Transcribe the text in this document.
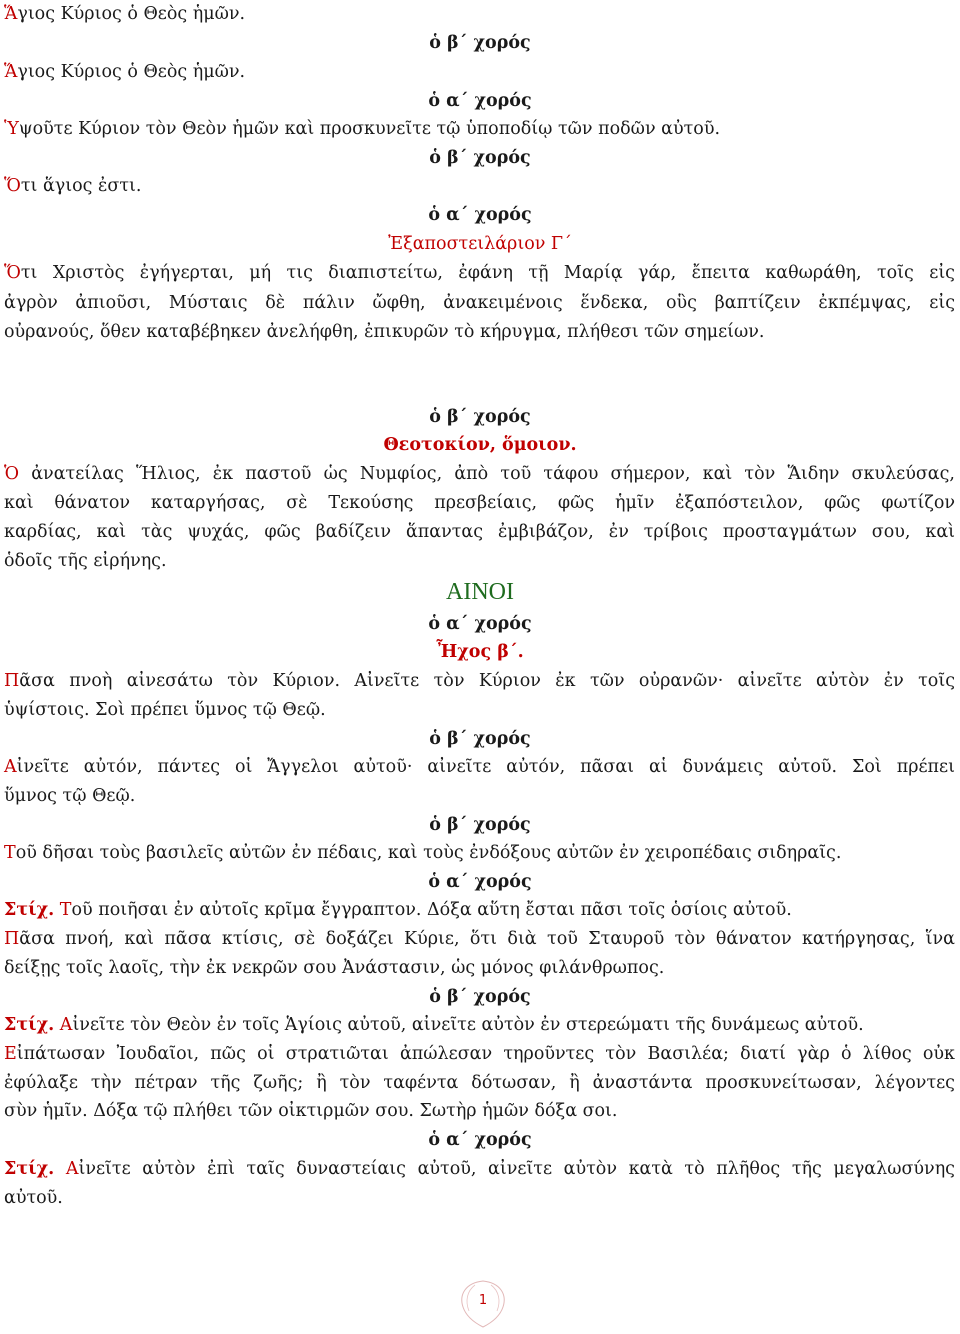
Ἅγιος Κύριος ὁ Θεὸς ἡμῶν.
ὁ β΄ χορός
Ἅγιος Κύριος ὁ Θεὸς ἡμῶν.
ὁ α΄ χορός
Ὑψοῦτε Κύριον τὸν Θεὸν ἡμῶν καὶ προσκυνεῖτε τῷ ὑποποδίῳ τῶν ποδῶν αὐτοῦ.
ὁ β΄ χορός
Ὅτι ἅγιος ἐστι.
ὁ α΄ χορός
Ἐξαποστειλάριον Γ΄
Ὅτι Χριστὸς ἐγήγερται, μή τις διαπιστείτω, ἐφάνη τῇ Μαρίᾳ γάρ, ἔπειτα καθωράθη, τοῖς εἰς
ἀγρὸν ἀπιοῦσι, Μύσταις δὲ πάλιν ὤφθη, ἀνακειμένοις ἕνδεκα, οὓς βαπτίζειν ἐκπέμψας, εἰς
οὐρανούς, ὅθεν καταβέβηκεν ἀνελήφθη, ἐπικυρῶν τὸ κήρυγμα, πλήθεσι τῶν σημείων.
ὁ β΄ χορός
Θεοτοκίον, ὅμοιον.
Ὁ ἀνατείλας Ἥλιος, ἐκ παστοῦ ὡς Νυμφίος, ἀπὸ τοῦ τάφου σήμερον, καὶ τὸν Ἅιδην σκυλεύσας,
καὶ θάνατον καταργήσας, σὲ Τεκούσης πρεσβείαις, φῶς ἡμῖν ἐξαπόστειλον, φῶς φωτίζον
καρδίας, καὶ τὰς ψυχάς, φῶς βαδίζειν ἅπαντας ἐμβιβάζον, ἐν τρίβοις προσταγμάτων σου, καὶ
ὁδοῖς τῆς εἰρήνης.
ΑΙΝΟΙ
ὁ α΄ χορός
Ἦχος β΄.
Πᾶσα πνοὴ αἰνεσάτω τὸν Κύριον. Αἰνεῖτε τὸν Κύριον ἐκ τῶν οὐρανῶν· αἰνεῖτε αὐτὸν ἐν τοῖς
ὑψίστοις. Σοὶ πρέπει ὕμνος τῷ Θεῷ.
ὁ β΄ χορός
Αἰνεῖτε αὐτόν, πάντες οἱ Ἄγγελοι αὐτοῦ· αἰνεῖτε αὐτόν, πᾶσαι αἱ δυνάμεις αὐτοῦ. Σοὶ πρέπει
ὕμνος τῷ Θεῷ.
ὁ β΄ χορός
Τοῦ δῆσαι τοὺς βασιλεῖς αὐτῶν ἐν πέδαις, καὶ τοὺς ἐνδόξους αὐτῶν ἐν χειροπέδαις σιδηραῖς.
ὁ α΄ χορός
Στίχ. Τοῦ ποιῆσαι ἐν αὐτοῖς κρῖμα ἔγγραπτον. Δόξα αὕτη ἔσται πᾶσι τοῖς ὁσίοις αὐτοῦ.
Πᾶσα πνοή, καὶ πᾶσα κτίσις, σὲ δοξάζει Κύριε, ὅτι διὰ τοῦ Σταυροῦ τὸν θάνατον κατήργησας, ἵνα
δείξῃς τοῖς λαοῖς, τὴν ἐκ νεκρῶν σου Ἀνάστασιν, ὡς μόνος φιλάνθρωπος.
ὁ β΄ χορός
Στίχ. Αἰνεῖτε τὸν Θεὸν ἐν τοῖς Ἁγίοις αὐτοῦ, αἰνεῖτε αὐτὸν ἐν στερεώματι τῆς δυνάμεως αὐτοῦ.
Εἰπάτωσαν Ἰουδαῖοι, πῶς οἱ στρατιῶται ἀπώλεσαν τηροῦντες τὸν Βασιλέα; διατί γὰρ ὁ λίθος οὐκ
ἐφύλαξε τὴν πέτραν τῆς ζωῆς; ἢ τὸν ταφέντα δότωσαν, ἢ ἀναστάντα προσκυνείτωσαν, λέγοντες
σὺν ἡμῖν. Δόξα τῷ πλήθει τῶν οἰκτιρμῶν σου. Σωτὴρ ἡμῶν δόξα σοι.
ὁ α΄ χορός
Στίχ. Αἰνεῖτε αὐτὸν ἐπὶ ταῖς δυναστείαις αὐτοῦ, αἰνεῖτε αὐτὸν κατὰ τὸ πλῆθος τῆς μεγαλωσύνης
αὐτοῦ.
1
